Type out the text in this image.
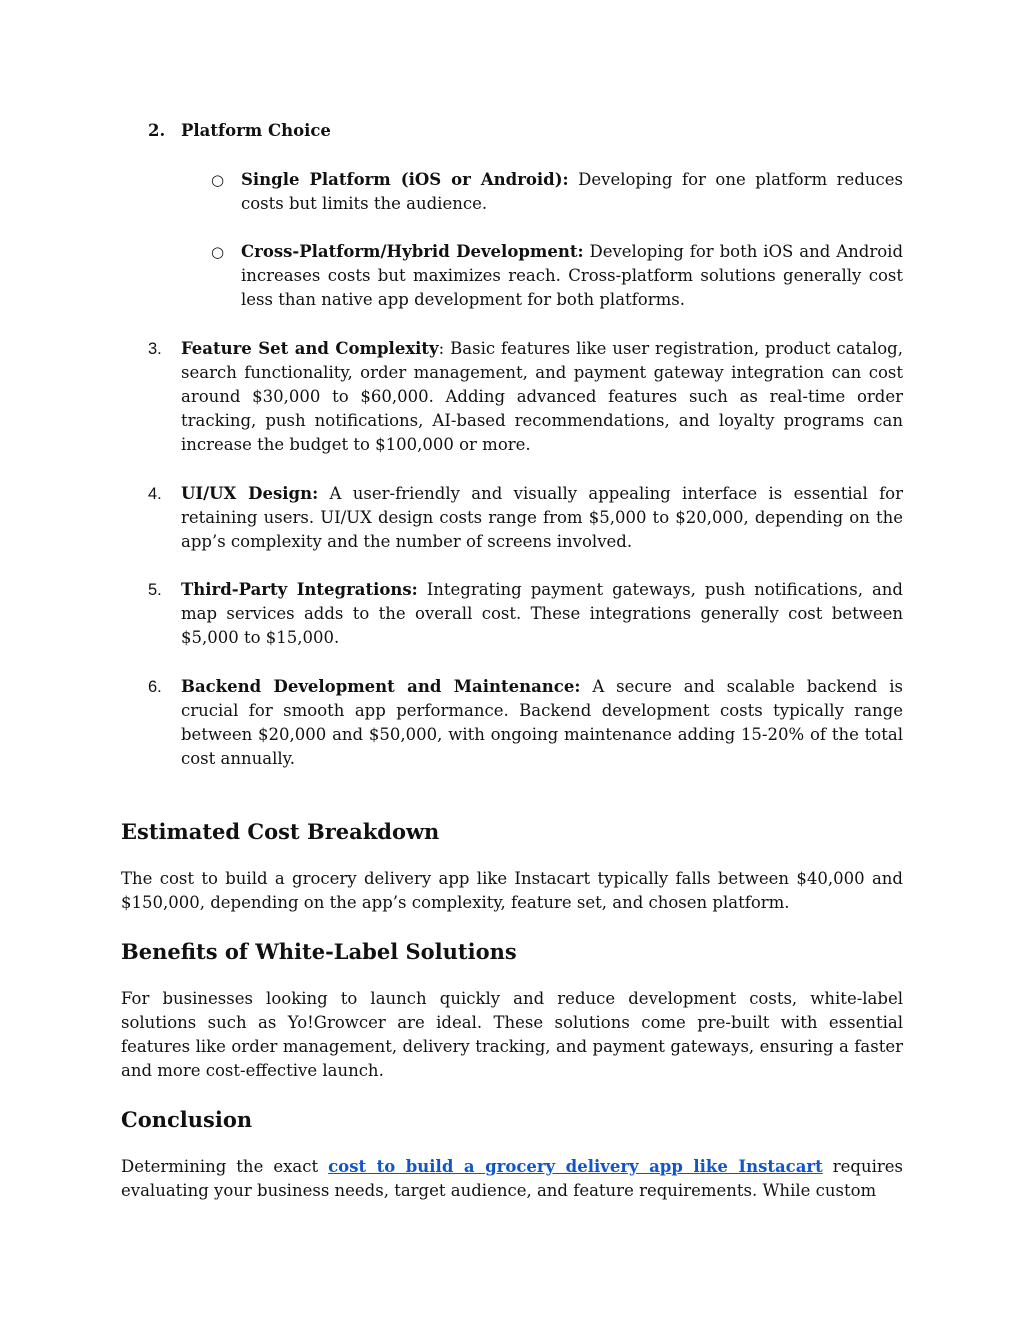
2. Platform Choice

○ Single Platform (iOS or Android): Developing for one platform reduces costs but limits the audience.

○ Cross-Platform/Hybrid Development: Developing for both iOS and Android increases costs but maximizes reach. Cross-platform solutions generally cost less than native app development for both platforms.

3. Feature Set and Complexity: Basic features like user registration, product catalog, search functionality, order management, and payment gateway integration can cost around $30,000 to $60,000. Adding advanced features such as real-time order tracking, push notifications, AI-based recommendations, and loyalty programs can increase the budget to $100,000 or more.

4. UI/UX Design: A user-friendly and visually appealing interface is essential for retaining users. UI/UX design costs range from $5,000 to $20,000, depending on the app’s complexity and the number of screens involved.

5. Third-Party Integrations: Integrating payment gateways, push notifications, and map services adds to the overall cost. These integrations generally cost between $5,000 to $15,000.

6. Backend Development and Maintenance: A secure and scalable backend is crucial for smooth app performance. Backend development costs typically range between $20,000 and $50,000, with ongoing maintenance adding 15-20% of the total cost annually.

Estimated Cost Breakdown

The cost to build a grocery delivery app like Instacart typically falls between $40,000 and $150,000, depending on the app’s complexity, feature set, and chosen platform.

Benefits of White-Label Solutions

For businesses looking to launch quickly and reduce development costs, white-label solutions such as Yo!Growcer are ideal. These solutions come pre-built with essential features like order management, delivery tracking, and payment gateways, ensuring a faster and more cost-effective launch.

Conclusion

Determining the exact cost to build a grocery delivery app like Instacart requires evaluating your business needs, target audience, and feature requirements. While custom
